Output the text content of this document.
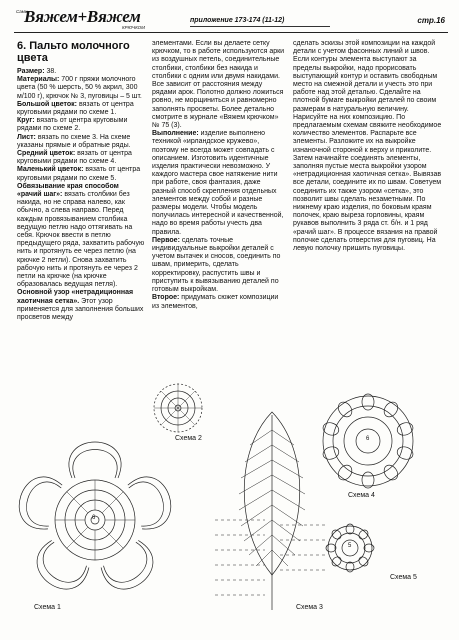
Сами
Вяжем+Вяжем
КРЮЧКОМ
приложение 173-174 (11-12)	стр.16
6. Пальто молочного цвета

Размер: 38.

Материалы: 700 г пряжи молочного цвета (50 % шерсть, 50 % акрил, 300 м/100 г), крючок № 3, пуговицы – 5 шт.

Большой цветок: вязать от центра круговыми рядами по схеме 1.

Круг: вязать от центра круговыми рядами по схеме 2.

Лист: вязать по схеме 3. На схеме указаны прямые и обратные ряды.

Средний цветок: вязать от центра круговыми рядами по схеме 4.

Маленький цветок: вязать от центра круговыми рядами по схеме 5.

Обвязывание края способом «рачий шаг»: вязать столбики без накида, но не справа налево, как обычно, а слева направо. Перед каждым провязыванием столбика ведущую петлю надо оттягивать на себя. Крючок ввести в петлю предыдущего ряда, захватить рабочую нить и протянуть ее через петлю (на крючке 2 петли). Снова захватить рабочую нить и протянуть ее через 2 петли на крючке (на крючке образовалась ведущая петля).

Основной узор «нетрадиционная хаотичная сетка». Этот узор применяется для заполнения больших просветов между

элементами. Если вы делаете сетку крючком, то в работе используются арки из воздушных петель, соединительные столбики, столбики без накида и столбики с одним или двумя накидами. Все зависит от расстояния между рядами арок. Полотно должно ложиться ровно, не морщиниться и равномерно заполнять просветы. Более детально смотрите в журнале «Вяжем крючком» № 75 (3).

Выполнение: изделие выполнено техникой «ирландское кружево», поэтому не всегда может совпадать с описанием. Изготовить идентичные изделия практически невозможно. У каждого мастера свое натяжение нити при работе, своя фантазия, даже разный способ скрепления отдельных элементов между собой и разные размеры модели. Чтобы модель получилась интересной и качественной, надо во время работы учесть два правила.

Первое: сделать точные индивидуальные выкройки деталей с учетом вытачек и сносов, соединить по швам, примерить, сделать корректировку, распустить швы и приступить к вывязыванию деталей по готовым выкройкам.

Второе: придумать сюжет композиции из элементов,

сделать эскизы этой композиции на каждой детали с учетом фасонных линий и швов. Если контуры элемента выступают за пределы выкройки, надо прорисовать выступающий контур и оставить свободным место на смежной детали и учесть это при работе над этой деталью. Сделайте на плотной бумаге выкройки деталей по своим размерам в натуральную величину. Нарисуйте на них композицию. По предлагаемым схемам свяжите необходимое количество элементов. Распарьте все элементы. Разложите их на выкройке изнаночной стороной к верху и приколите. Затем начинайте соединять элементы, заполняя пустые места выкройки узором «нетрадиционная хаотичная сетка». Вывязав все детали, соедините их по швам. Советуем соединить их также узором «сетка», это позволит швы сделать незаметными. По нижнему краю изделия, по боковым краям полочек, краю выреза горловины, краям рукавов выполнить 3 ряда ст. б/н. и 1 ряд «рачий шаг». В процессе вязания на правой полочке сделать отверстия для пуговиц. На левую полочку пришить пуговицы.

Схема 1
Схема 2
Схема 3
Схема 4
Схема 5
6
6
5
